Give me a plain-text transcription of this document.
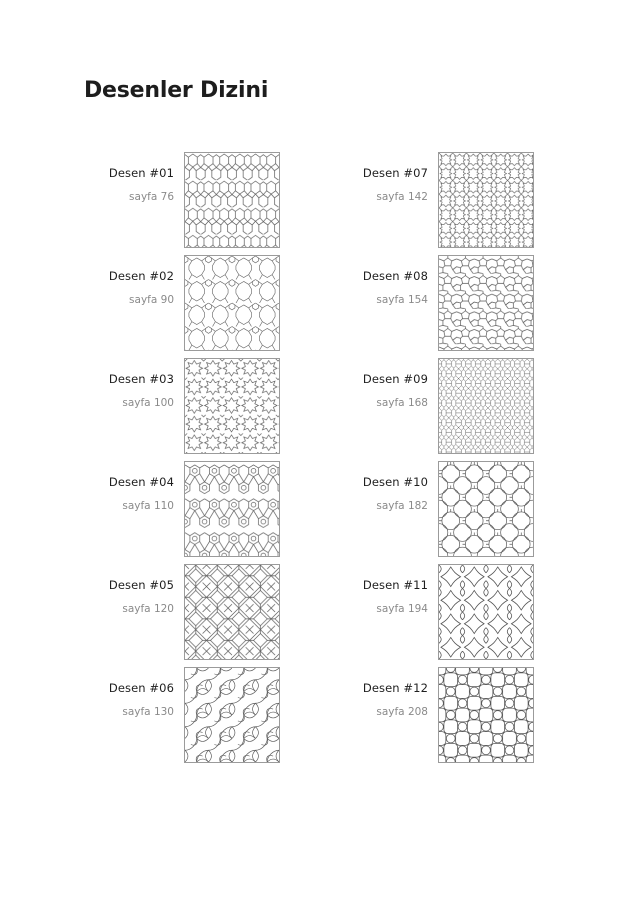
Desenler Dizini
Desen #01
sayfa 76
Desen #02
sayfa 90
Desen #03
sayfa 100
Desen #04
sayfa 110
Desen #05
sayfa 120
Desen #06
sayfa 130
Desen #07
sayfa 142
Desen #08
sayfa 154
Desen #09
sayfa 168
Desen #10
sayfa 182
Desen #11
sayfa 194
Desen #12
sayfa 208
